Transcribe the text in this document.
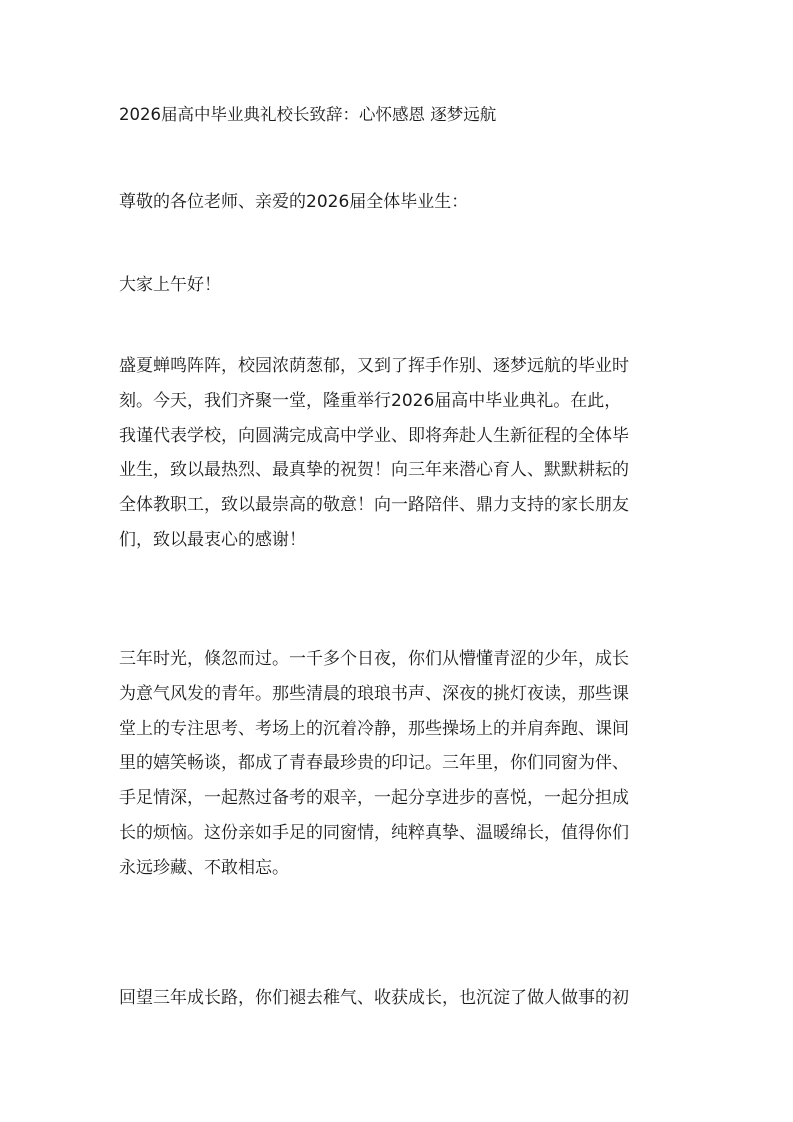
2026届高中毕业典礼校长致辞：心怀感恩 逐梦远航

尊敬的各位老师、亲爱的2026届全体毕业生：

大家上午好！

盛夏蝉鸣阵阵，校园浓荫葱郁，又到了挥手作别、逐梦远航的毕业时
刻。今天，我们齐聚一堂，隆重举行2026届高中毕业典礼。在此，
我谨代表学校，向圆满完成高中学业、即将奔赴人生新征程的全体毕
业生，致以最热烈、最真挚的祝贺！向三年来潜心育人、默默耕耘的
全体教职工，致以最崇高的敬意！向一路陪伴、鼎力支持的家长朋友
们，致以最衷心的感谢！

三年时光，倏忽而过。一千多个日夜，你们从懵懂青涩的少年，成长
为意气风发的青年。那些清晨的琅琅书声、深夜的挑灯夜读，那些课
堂上的专注思考、考场上的沉着冷静，那些操场上的并肩奔跑、课间
里的嬉笑畅谈，都成了青春最珍贵的印记。三年里，你们同窗为伴、
手足情深，一起熬过备考的艰辛，一起分享进步的喜悦，一起分担成
长的烦恼。这份亲如手足的同窗情，纯粹真挚、温暖绵长，值得你们
永远珍藏、不敢相忘。

回望三年成长路，你们褪去稚气、收获成长，也沉淀了做人做事的初
